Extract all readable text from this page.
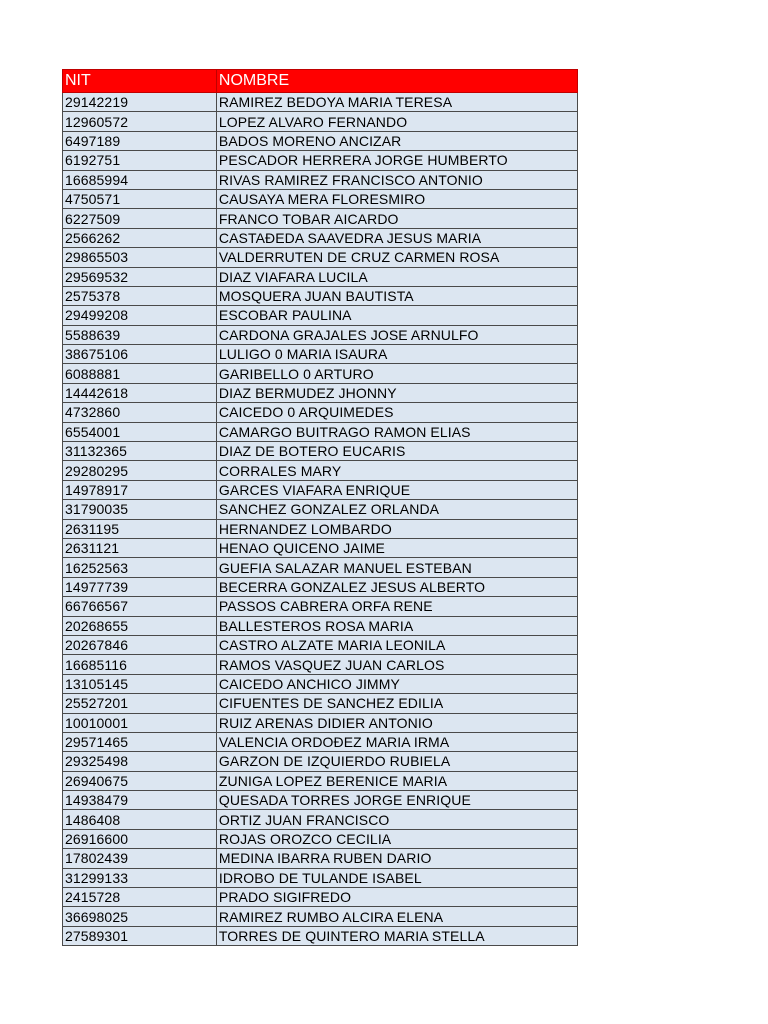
NIT	NOMBRE
29142219	RAMIREZ BEDOYA MARIA TERESA
12960572	LOPEZ ALVARO FERNANDO
6497189	BADOS MORENO ANCIZAR
6192751	PESCADOR HERRERA JORGE HUMBERTO
16685994	RIVAS RAMIREZ FRANCISCO ANTONIO
4750571	CAUSAYA MERA FLORESMIRO
6227509	FRANCO TOBAR AICARDO
2566262	CASTAĐEDA SAAVEDRA JESUS MARIA
29865503	VALDERRUTEN DE CRUZ CARMEN ROSA
29569532	DIAZ VIAFARA LUCILA
2575378	MOSQUERA JUAN BAUTISTA
29499208	ESCOBAR PAULINA
5588639	CARDONA GRAJALES JOSE ARNULFO
38675106	LULIGO 0 MARIA ISAURA
6088881	GARIBELLO 0 ARTURO
14442618	DIAZ BERMUDEZ JHONNY
4732860	CAICEDO 0 ARQUIMEDES
6554001	CAMARGO BUITRAGO RAMON ELIAS
31132365	DIAZ DE BOTERO EUCARIS
29280295	CORRALES MARY
14978917	GARCES VIAFARA ENRIQUE
31790035	SANCHEZ GONZALEZ ORLANDA
2631195	HERNANDEZ LOMBARDO
2631121	HENAO QUICENO JAIME
16252563	GUEFIA SALAZAR MANUEL ESTEBAN
14977739	BECERRA GONZALEZ JESUS ALBERTO
66766567	PASSOS CABRERA ORFA RENE
20268655	BALLESTEROS ROSA MARIA
20267846	CASTRO ALZATE MARIA LEONILA
16685116	RAMOS VASQUEZ JUAN CARLOS
13105145	CAICEDO ANCHICO JIMMY
25527201	CIFUENTES DE SANCHEZ EDILIA
10010001	RUIZ ARENAS DIDIER ANTONIO
29571465	VALENCIA ORDOĐEZ MARIA IRMA
29325498	GARZON DE IZQUIERDO RUBIELA
26940675	ZUNIGA LOPEZ BERENICE MARIA
14938479	QUESADA TORRES JORGE ENRIQUE
1486408	ORTIZ JUAN FRANCISCO
26916600	ROJAS OROZCO CECILIA
17802439	MEDINA IBARRA RUBEN DARIO
31299133	IDROBO DE TULANDE ISABEL
2415728	PRADO SIGIFREDO
36698025	RAMIREZ RUMBO ALCIRA ELENA
27589301	TORRES DE QUINTERO MARIA STELLA
